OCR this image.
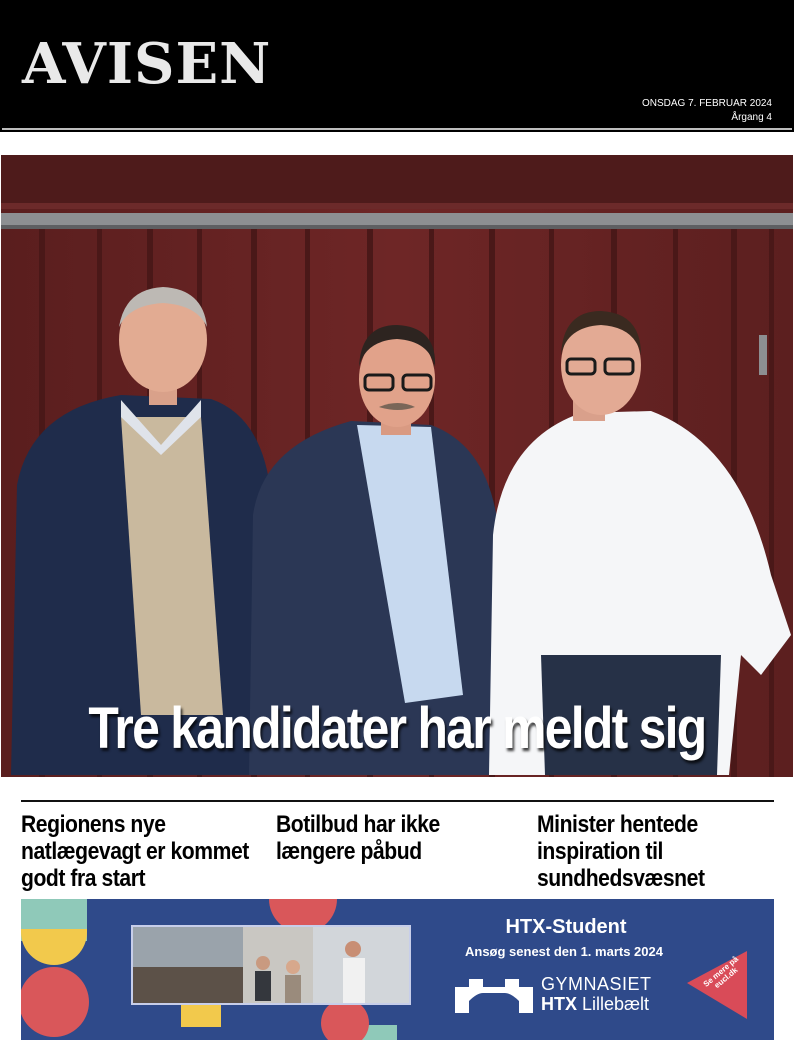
AVISEN
ONSDAG 7. FEBRUAR 2024
Årgang 4
Tre kandidater har meldt sig
Regionens nye natlægevagt er kommet godt fra start
Botilbud har ikke længere påbud
Minister hentede inspiration til sundhedsvæsnet
HTX-Student
Ansøg senest den 1. marts 2024
GYMNASIET
HTX Lillebælt
Se mere på eucl.dk
